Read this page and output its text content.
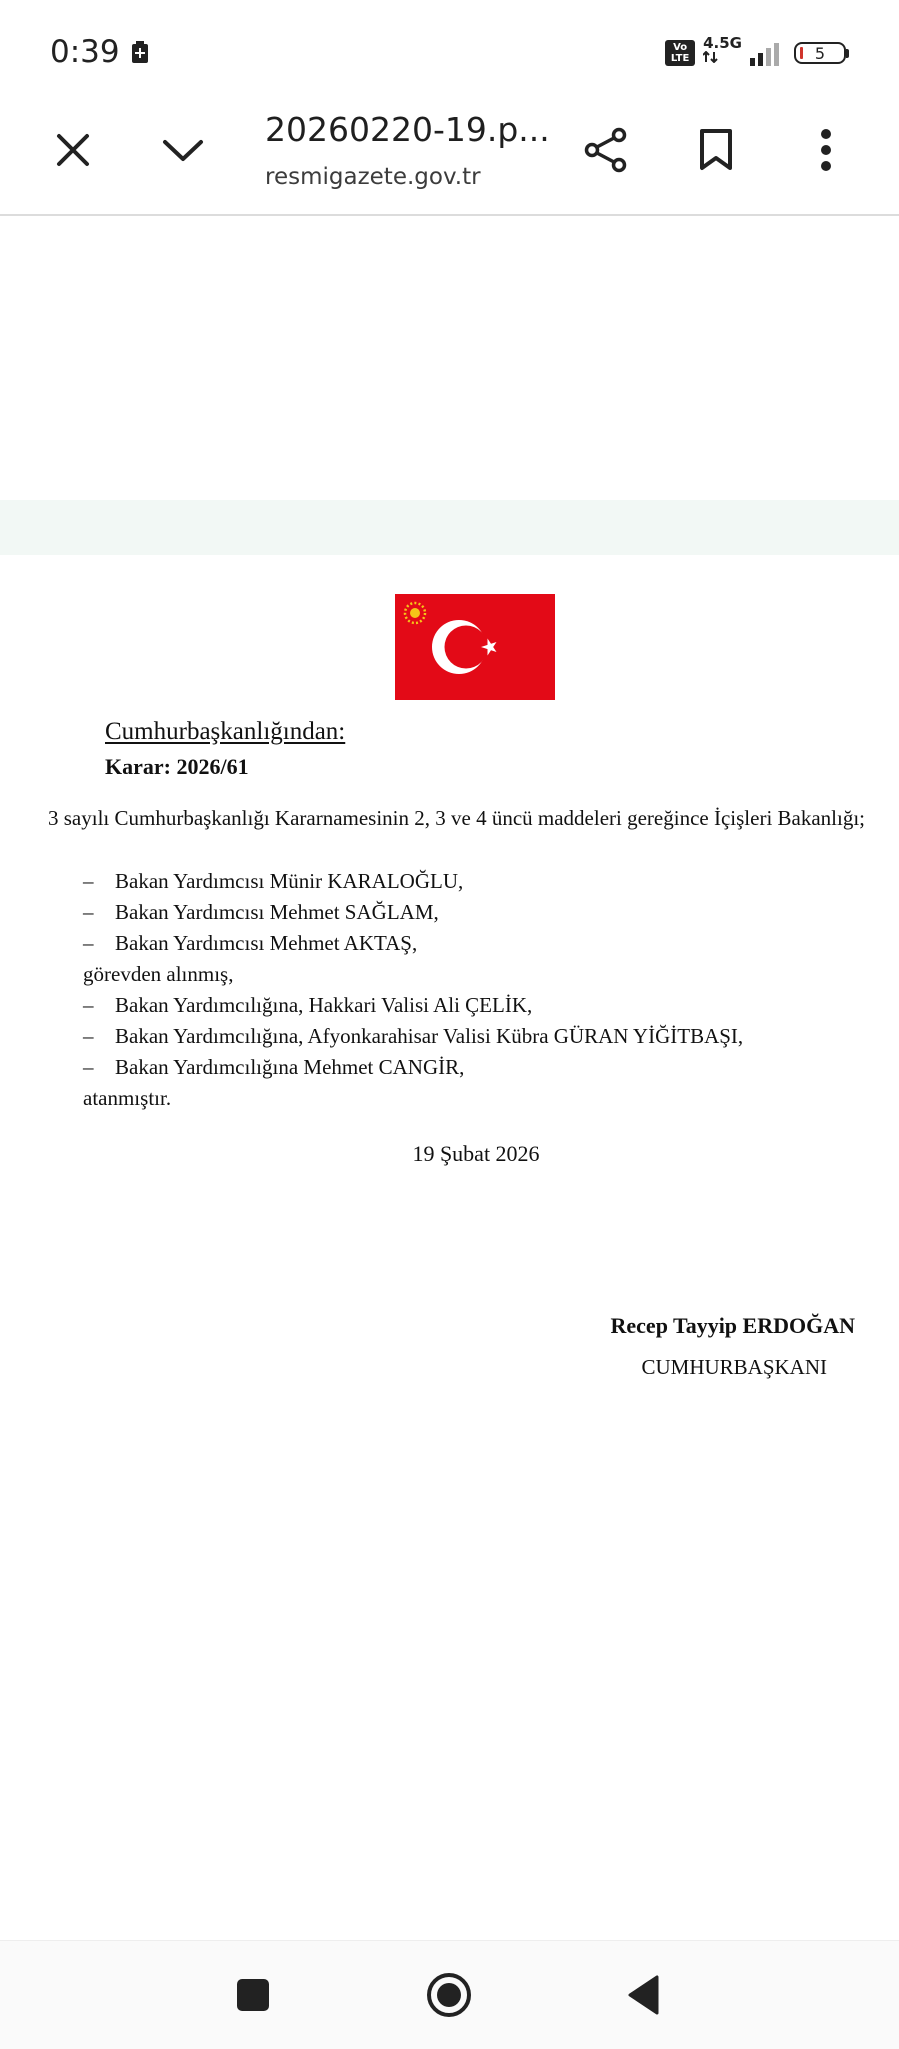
0:39	Vo LTE
4.5G
5
20260220-19.p...
resmigazete.gov.tr
Cumhurbaşkanlığından:
Karar: 2026/61
3 sayılı Cumhurbaşkanlığı Kararnamesinin 2, 3 ve 4 üncü maddeleri gereğince İçişleri Bakanlığı;
– Bakan Yardımcısı Münir KARALOĞLU,
– Bakan Yardımcısı Mehmet SAĞLAM,
– Bakan Yardımcısı Mehmet AKTAŞ,
görevden alınmış,
– Bakan Yardımcılığına, Hakkari Valisi Ali ÇELİK,
– Bakan Yardımcılığına, Afyonkarahisar Valisi Kübra GÜRAN YİĞİTBAŞI,
– Bakan Yardımcılığına Mehmet CANGİR,
atanmıştır.
19 Şubat 2026
Recep Tayyip ERDOĞAN
CUMHURBAŞKANI
